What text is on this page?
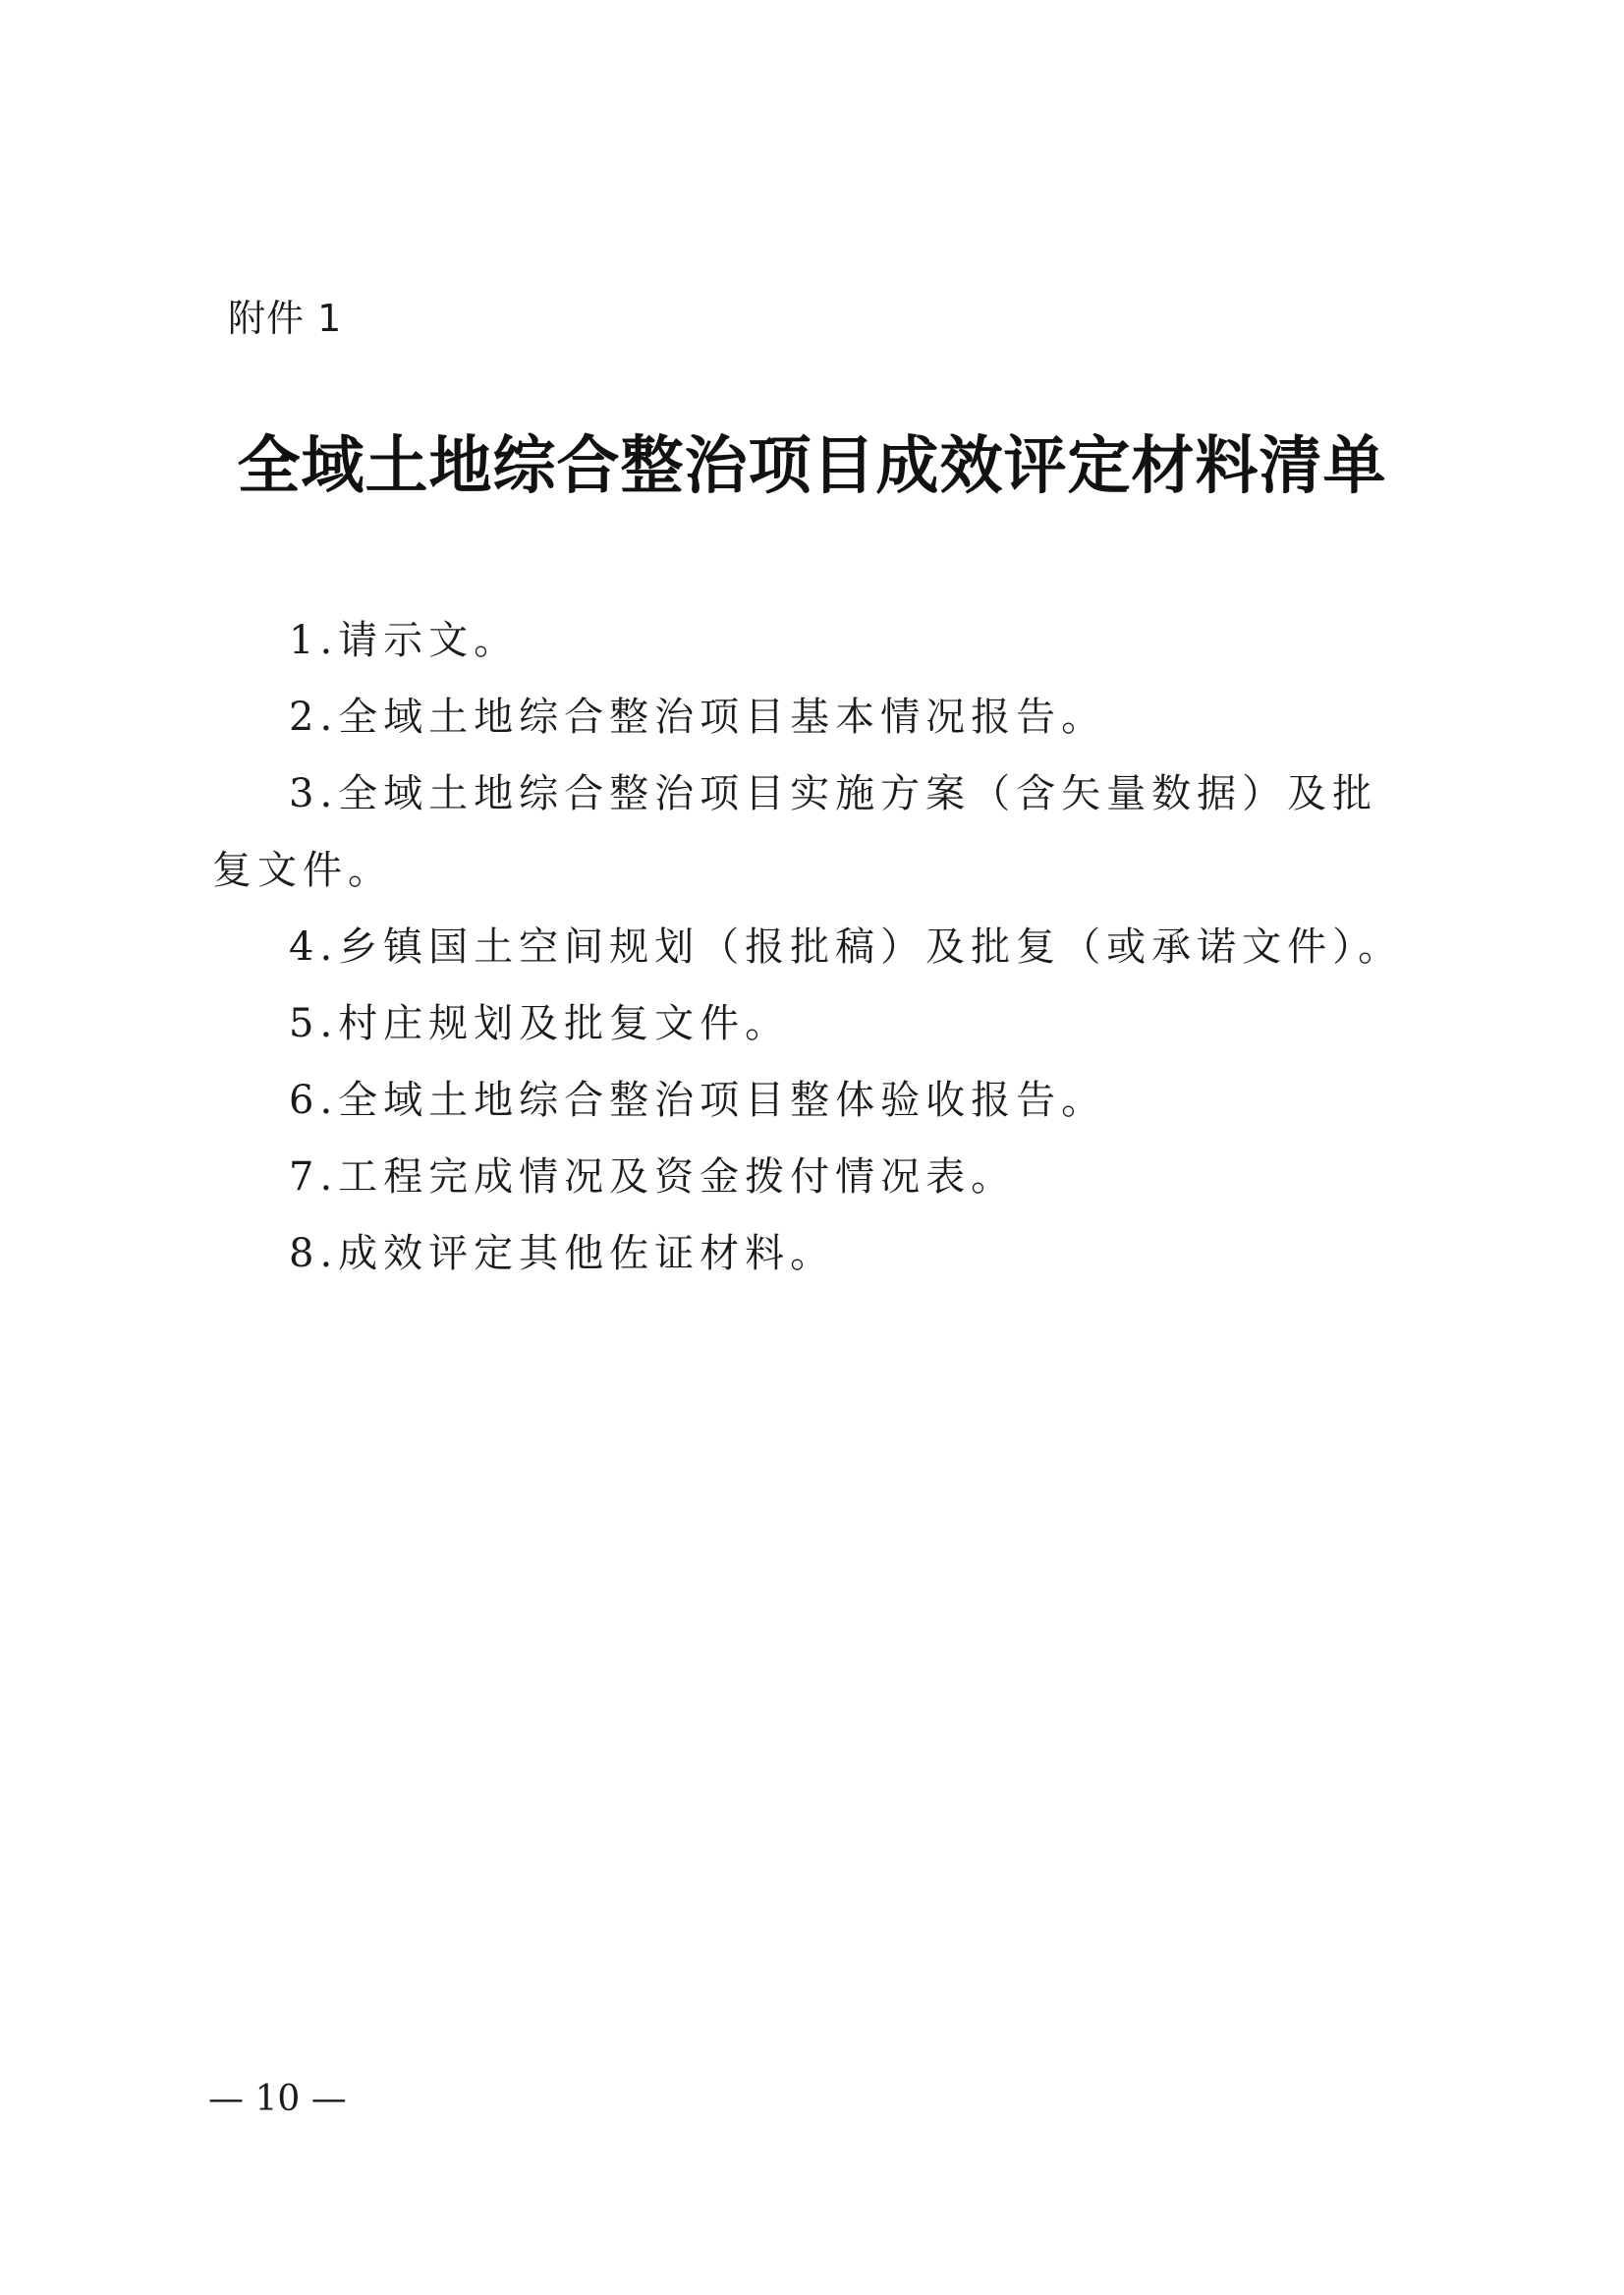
附件 1
全域土地综合整治项目成效评定材料清单
1.请示文。
2.全域土地综合整治项目基本情况报告。
3.全域土地综合整治项目实施方案（含矢量数据）及批复文件。
4.乡镇国土空间规划（报批稿）及批复（或承诺文件）。
5.村庄规划及批复文件。
6.全域土地综合整治项目整体验收报告。
7.工程完成情况及资金拨付情况表。
8.成效评定其他佐证材料。
— 10 —
